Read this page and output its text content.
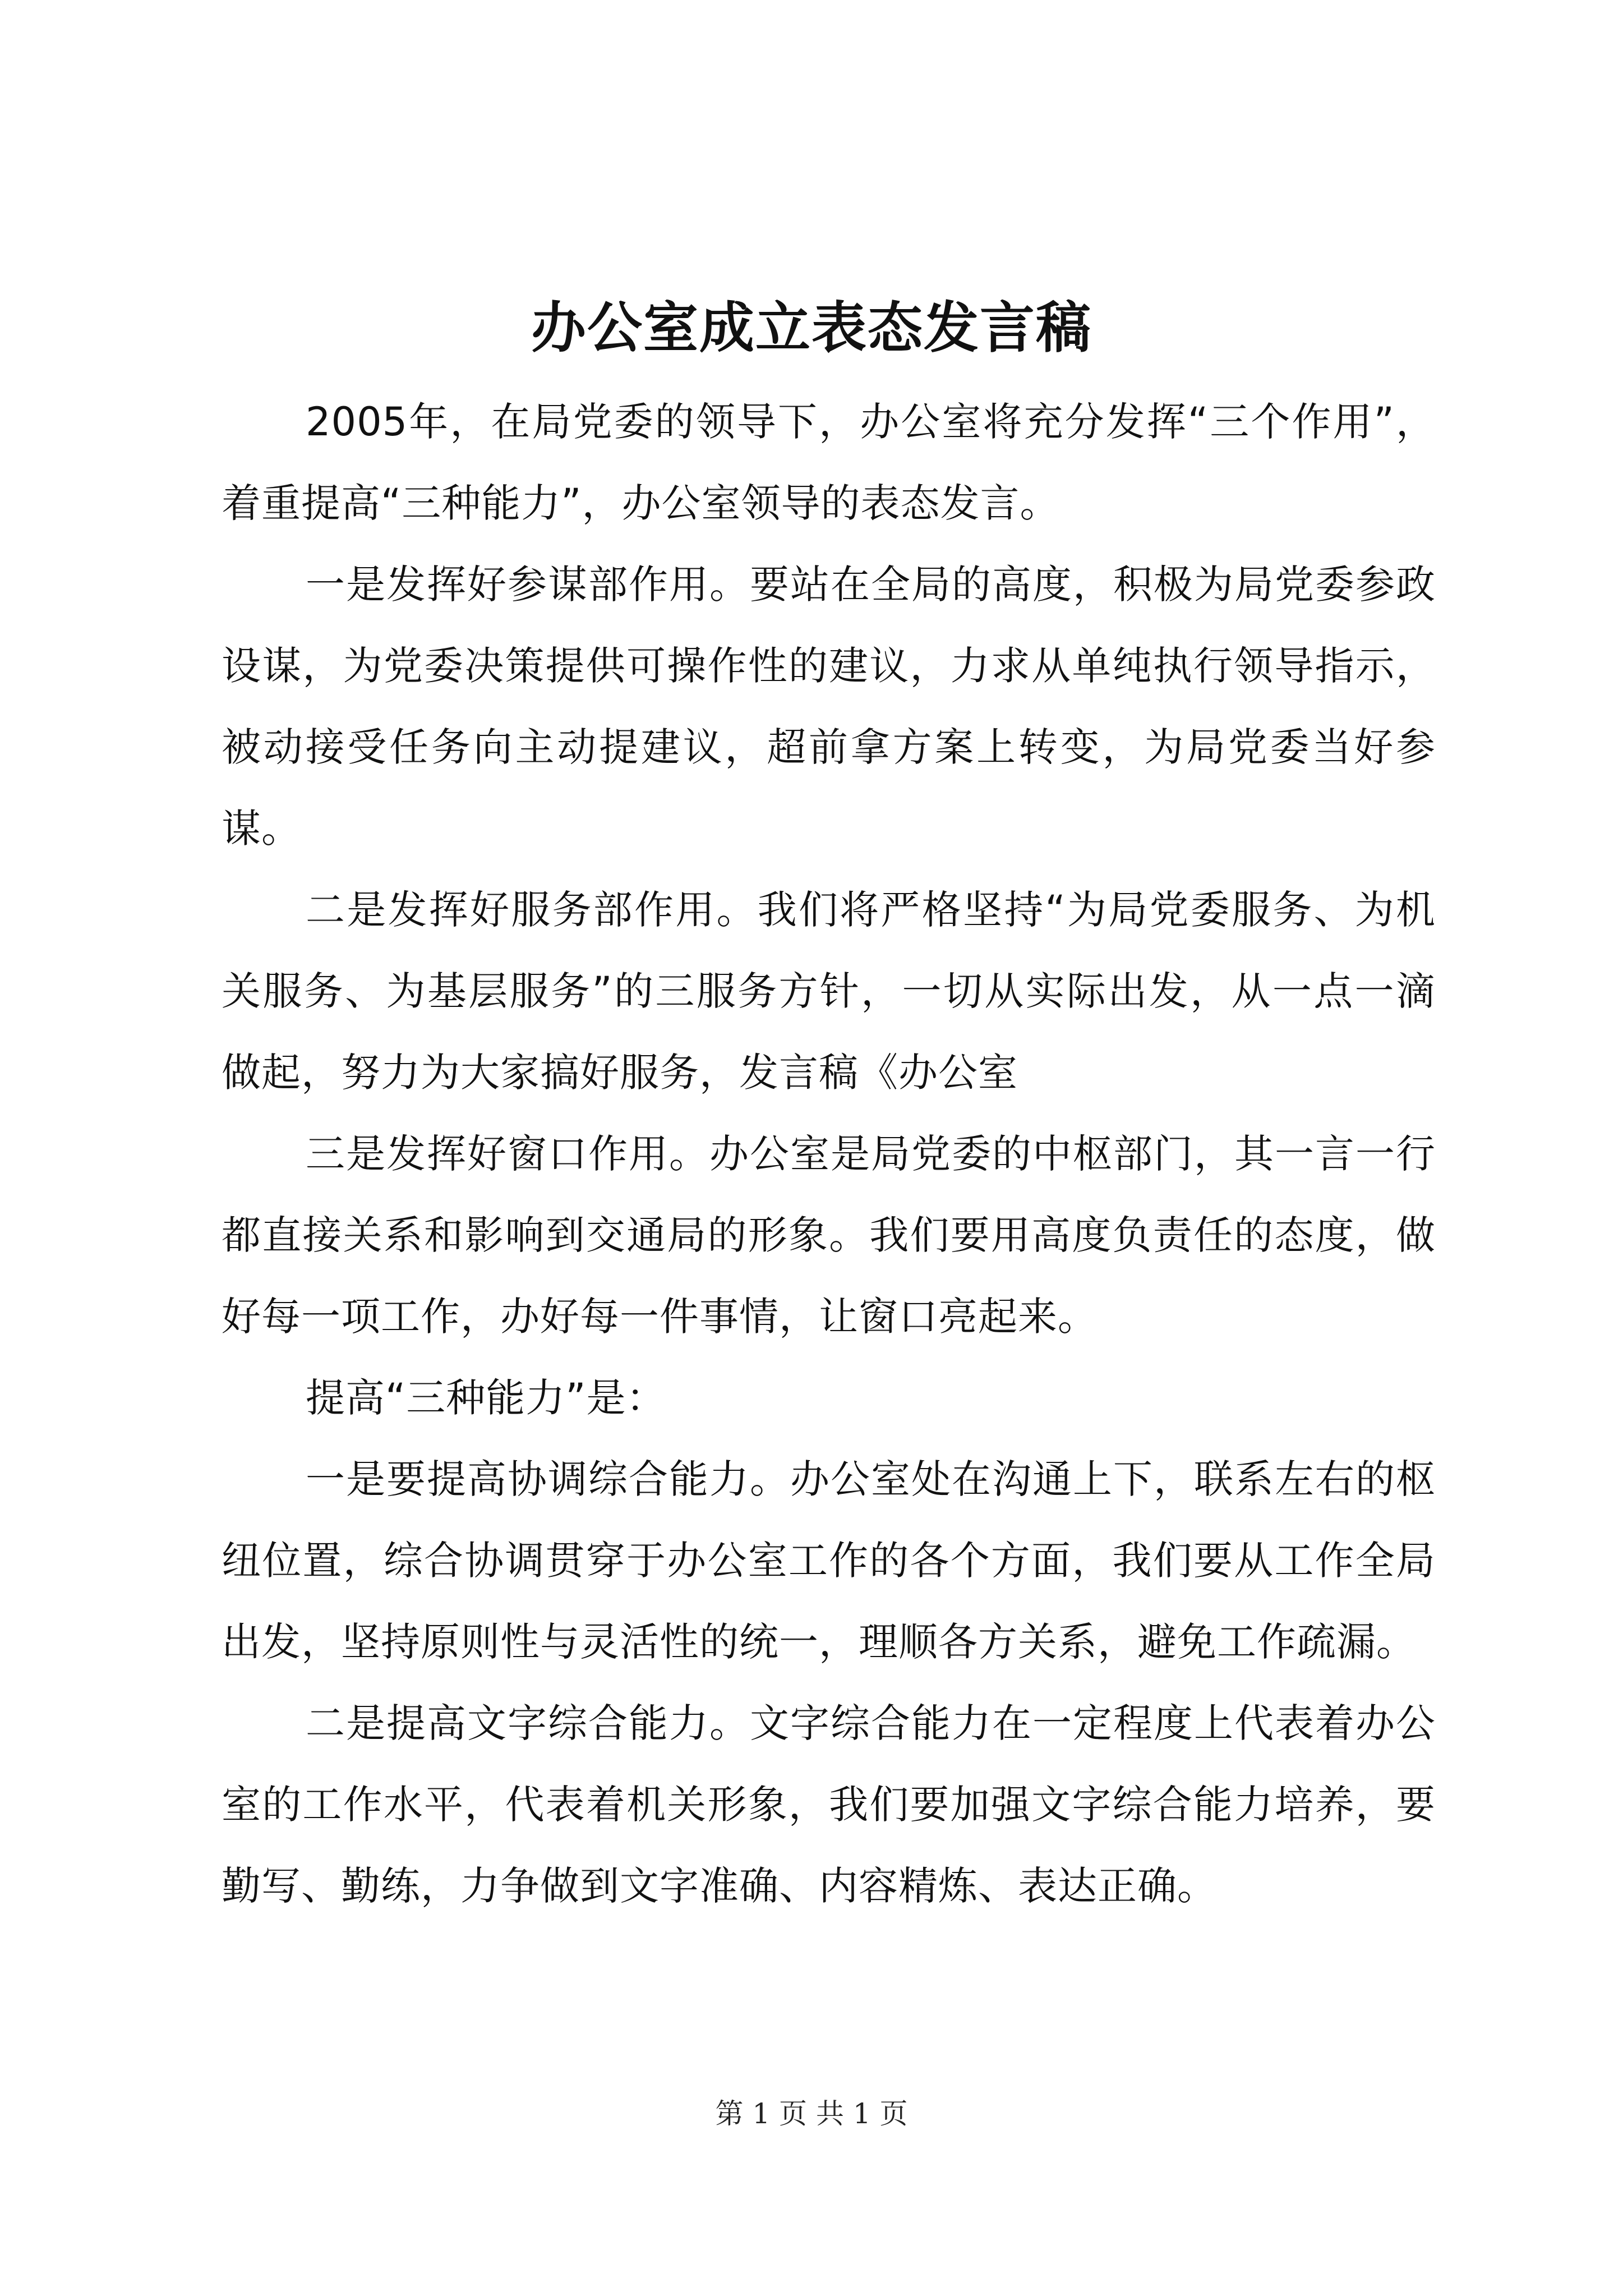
办公室成立表态发言稿

2005年，在局党委的领导下，办公室将充分发挥“三个作用”，着重提高“三种能力”，办公室领导的表态发言。

一是发挥好参谋部作用。要站在全局的高度，积极为局党委参政设谋，为党委决策提供可操作性的建议，力求从单纯执行领导指示，被动接受任务向主动提建议，超前拿方案上转变，为局党委当好参谋。

二是发挥好服务部作用。我们将严格坚持“为局党委服务、为机关服务、为基层服务”的三服务方针，一切从实际出发，从一点一滴做起，努力为大家搞好服务，发言稿《办公室

三是发挥好窗口作用。办公室是局党委的中枢部门，其一言一行都直接关系和影响到交通局的形象。我们要用高度负责任的态度，做好每一项工作，办好每一件事情，让窗口亮起来。

提高“三种能力”是：

一是要提高协调综合能力。办公室处在沟通上下，联系左右的枢纽位置，综合协调贯穿于办公室工作的各个方面，我们要从工作全局出发，坚持原则性与灵活性的统一，理顺各方关系，避免工作疏漏。

二是提高文字综合能力。文字综合能力在一定程度上代表着办公室的工作水平，代表着机关形象，我们要加强文字综合能力培养，要勤写、勤练，力争做到文字准确、内容精炼、表达正确。

第 1 页 共 1 页
